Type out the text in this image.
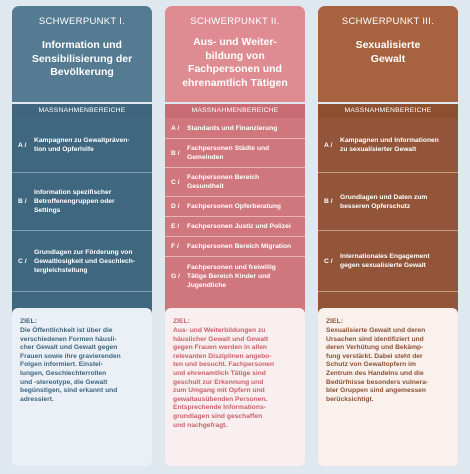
SCHWERPUNKT I.
Information und
Sensibilisierung der
Bevölkerung
MASSNAHMENBEREICHE
A /
Kampagnen zu Gewaltpräven-
tion und Opferhilfe
B /
Information spezifischer
Betroffenengruppen oder
Settings
C /
Grundlagen zur Förderung von
Gewaltlosigkeit und Geschlech-
tergleichstellung
SCHWERPUNKT II.
Aus- und Weiter-
bildung von
Fachpersonen und
ehrenamtlich Tätigen
MASSNAHMENBEREICHE
A /	Standards und Finanzierung
B /
Fachpersonen Städte und
Gemeinden
C /
Fachpersonen Bereich
Gesundheit
D /	Fachpersonen Opferberatung
E /	Fachpersonen Justiz und Polizei
F /	Fachpersonen Bereich Migration
G /
Fachpersonen und freiwillig
Tätige Bereich Kinder und
Jugendliche
SCHWERPUNKT III.
Sexualisierte
Gewalt
MASSNAHMENBEREICHE
A /
Kampagnen und Informationen
zu sexualisierter Gewalt
B /
Grundlagen und Daten zum
besseren Opferschutz
C /
Internationales Engagement
gegen sexualisierte Gewalt
ZIEL:
Die Öffentlichkeit ist über die
verschiedenen Formen häusli-
cher Gewalt und Gewalt gegen
Frauen sowie ihre gravierenden
Folgen informiert. Einstel-
lungen, Geschlechterrollen
und -stereotype, die Gewalt
begünstigen, sind erkannt und
adressiert.
ZIEL:
Aus- und Weiterbildungen zu
häuslicher Gewalt und Gewalt
gegen Frauen werden in allen
relevanten Disziplinen angebo-
ten und besucht. Fachpersonen
und ehrenamtlich Tätige sind
geschult zur Erkennung und
zum Umgang mit Opfern und
gewaltausübenden Personen.
Entsprechende Informations-
grundlagen sind geschaffen
und nachgefragt.
ZIEL:
Sexualisierte Gewalt und deren
Ursachen sind identifiziert und
deren Verhütung und Bekämp-
fung verstärkt. Dabei steht der
Schutz von Gewaltopfern im
Zentrum des Handelns und die
Bedürfnisse besonders vulnera-
bler Gruppen sind angemessen
berücksichtigt.
